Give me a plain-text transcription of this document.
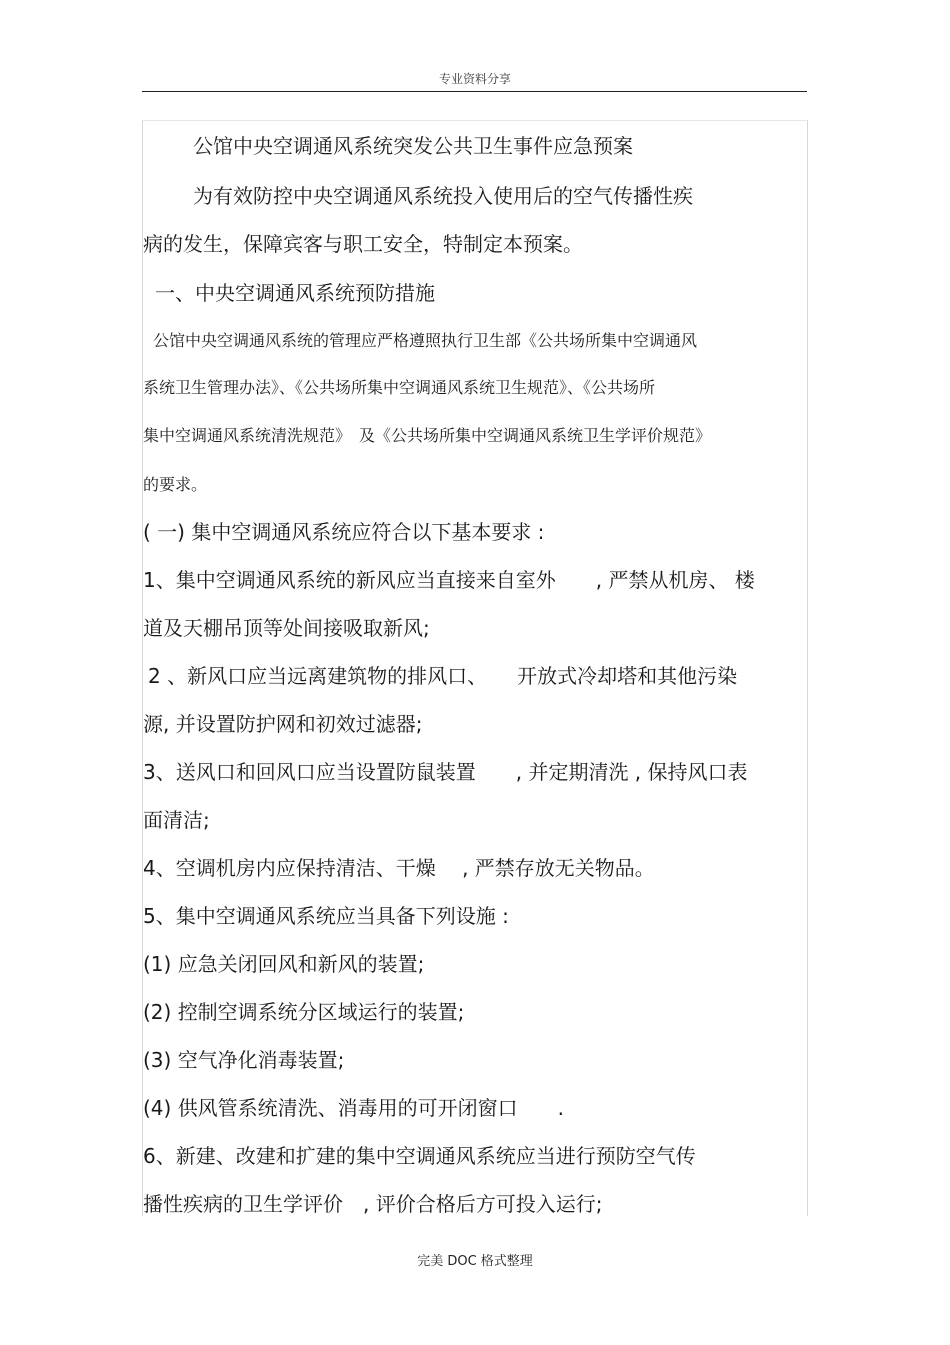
专业资料分享
公馆中央空调通风系统突发公共卫生事件应急预案
为有效防控中央空调通风系统投入使用后的空气传播性疾
病的发生，保障宾客与职工安全，特制定本预案。
一、中央空调通风系统预防措施
公馆中央空调通风系统的管理应严格遵照执行卫生部《公共场所集中空调通风
系统卫生管理办法》、《公共场所集中空调通风系统卫生规范》、《公共场所
集中空调通风系统清洗规范》　及《公共场所集中空调通风系统卫生学评价规范》
的要求。
( 一) 集中空调通风系统应符合以下基本要求 :
1、集中空调通风系统的新风应当直接来自室外　　, 严禁从机房、 楼
道及天棚吊顶等处间接吸取新风;
2 、新风口应当远离建筑物的排风口、　　开放式冷却塔和其他污染
源, 并设置防护网和初效过滤器;
3、送风口和回风口应当设置防鼠装置　　, 并定期清洗 , 保持风口表
面清洁;
4、空调机房内应保持清洁、干燥　 , 严禁存放无关物品。
5、集中空调通风系统应当具备下列设施 :
(1) 应急关闭回风和新风的装置;
(2) 控制空调系统分区域运行的装置;
(3) 空气净化消毒装置;
(4) 供风管系统清洗、消毒用的可开闭窗口　　.
6、新建、改建和扩建的集中空调通风系统应当进行预防空气传
播性疾病的卫生学评价　, 评价合格后方可投入运行;
完美 DOC 格式整理
